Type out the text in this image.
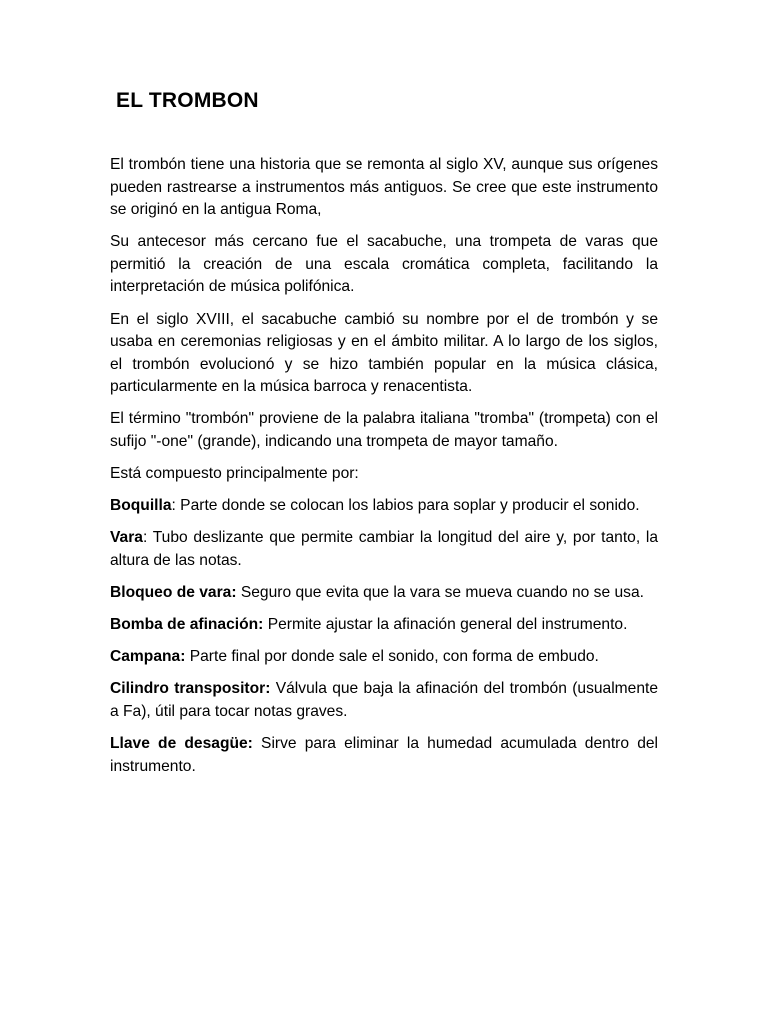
EL TROMBON

El trombón tiene una historia que se remonta al siglo XV, aunque sus orígenes pueden rastrearse a instrumentos más antiguos. Se cree que este instrumento se originó en la antigua Roma,

Su antecesor más cercano fue el sacabuche, una trompeta de varas que permitió la creación de una escala cromática completa, facilitando la interpretación de música polifónica.

En el siglo XVIII, el sacabuche cambió su nombre por el de trombón y se usaba en ceremonias religiosas y en el ámbito militar. A lo largo de los siglos, el trombón evolucionó y se hizo también popular en la música clásica, particularmente en la música barroca y renacentista.

El término "trombón" proviene de la palabra italiana "tromba" (trompeta) con el sufijo "-one" (grande), indicando una trompeta de mayor tamaño.

Está compuesto principalmente por:

Boquilla: Parte donde se colocan los labios para soplar y producir el sonido.

Vara: Tubo deslizante que permite cambiar la longitud del aire y, por tanto, la altura de las notas.

Bloqueo de vara: Seguro que evita que la vara se mueva cuando no se usa.

Bomba de afinación: Permite ajustar la afinación general del instrumento.

Campana: Parte final por donde sale el sonido, con forma de embudo.

Cilindro transpositor: Válvula que baja la afinación del trombón (usualmente a Fa), útil para tocar notas graves.

Llave de desagüe: Sirve para eliminar la humedad acumulada dentro del instrumento.
